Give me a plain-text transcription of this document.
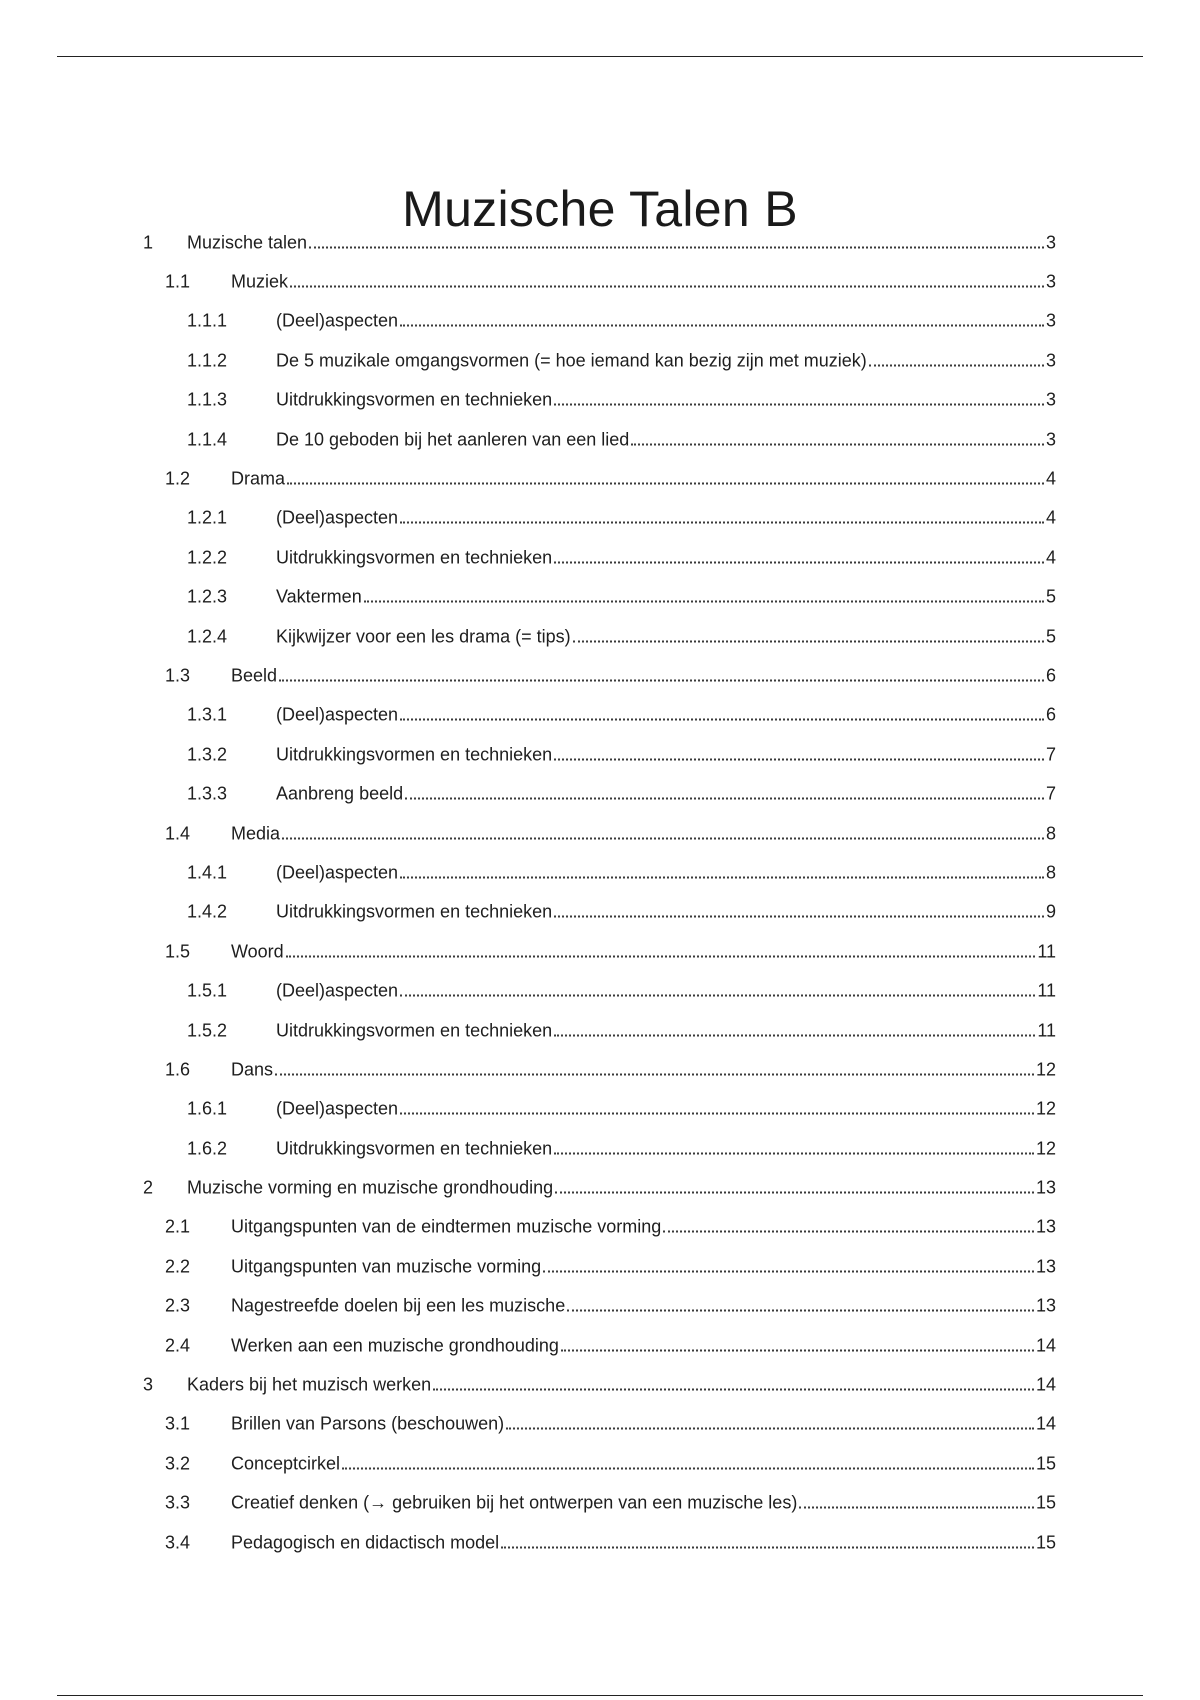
Muzische Talen B
1 Muzische talen	3
1.1 Muziek	3
1.1.1	(Deel)aspecten	3
1.1.2	De 5 muzikale omgangsvormen (= hoe iemand kan bezig zijn met muziek)	3
1.1.3	Uitdrukkingsvormen en technieken	3
1.1.4	De 10 geboden bij het aanleren van een lied	3
1.2 Drama	4
1.2.1	(Deel)aspecten	4
1.2.2	Uitdrukkingsvormen en technieken	4
1.2.3	Vaktermen	5
1.2.4	Kijkwijzer voor een les drama (= tips)	5
1.3 Beeld	6
1.3.1	(Deel)aspecten	6
1.3.2	Uitdrukkingsvormen en technieken	7
1.3.3	Aanbreng beeld	7
1.4 Media	8
1.4.1	(Deel)aspecten	8
1.4.2	Uitdrukkingsvormen en technieken	9
1.5 Woord	11
1.5.1	(Deel)aspecten	11
1.5.2	Uitdrukkingsvormen en technieken	11
1.6 Dans	12
1.6.1	(Deel)aspecten	12
1.6.2	Uitdrukkingsvormen en technieken	12
2 Muzische vorming en muzische grondhouding	13
2.1 Uitgangspunten van de eindtermen muzische vorming	13
2.2 Uitgangspunten van muzische vorming	13
2.3 Nagestreefde doelen bij een les muzische	13
2.4 Werken aan een muzische grondhouding	14
3 Kaders bij het muzisch werken	14
3.1 Brillen van Parsons (beschouwen)	14
3.2 Conceptcirkel	15
3.3 Creatief denken (→ gebruiken bij het ontwerpen van een muzische les)	15
3.4 Pedagogisch en didactisch model	15
